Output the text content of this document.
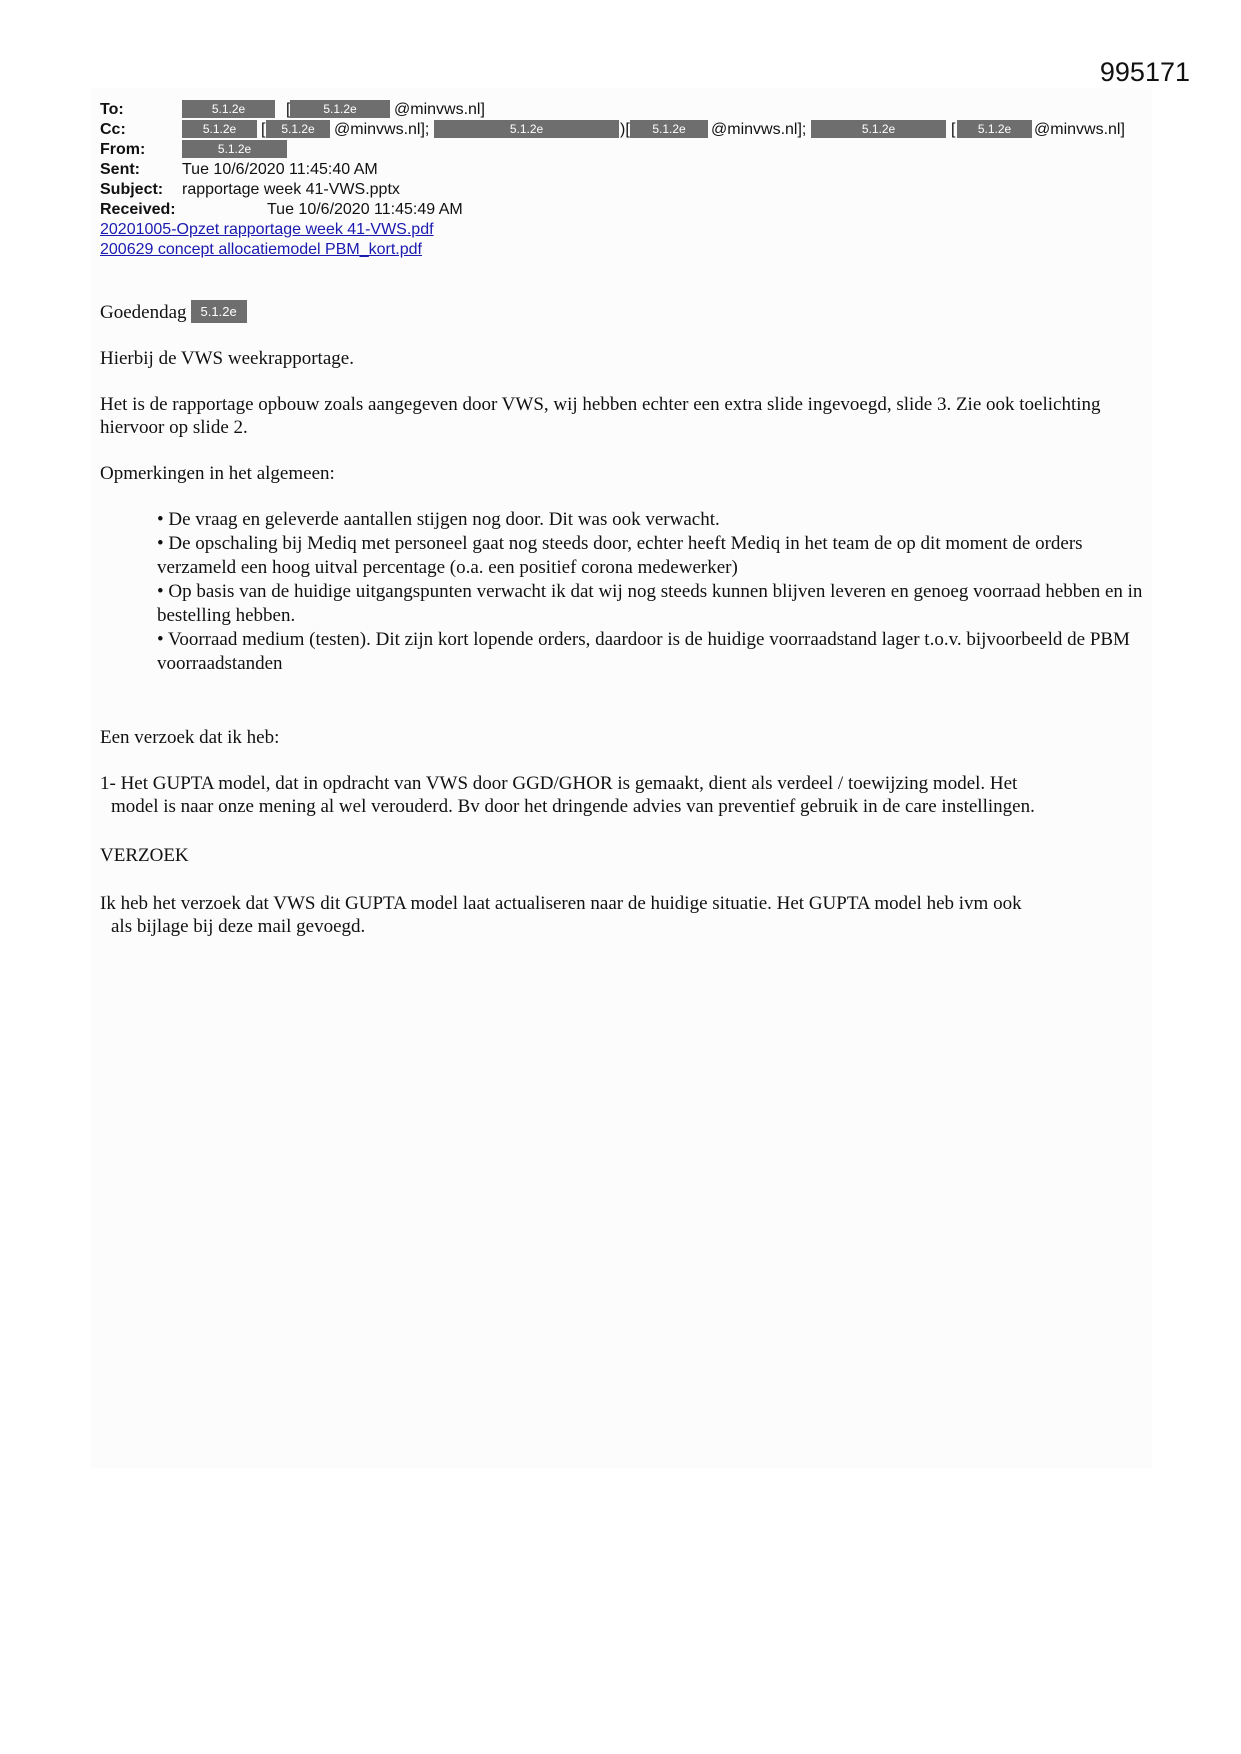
995171
To:	5.1.2e	[	5.1.2e	@minvws.nl]
Cc:	5.1.2e	[	5.1.2e	@minvws.nl];	5.1.2e	)[	5.1.2e	@minvws.nl];	5.1.2e	[	5.1.2e	@minvws.nl]
From:	5.1.2e
Sent:	Tue 10/6/2020 11:45:40 AM
Subject: rapportage week 41-VWS.pptx
Received:	Tue 10/6/2020 11:45:49 AM
20201005-Opzet rapportage week 41-VWS.pdf
200629 concept allocatiemodel PBM_kort.pdf
Goedendag 5.1.2e
Hierbij de VWS weekrapportage.
Het is de rapportage opbouw zoals aangegeven door VWS, wij hebben echter een extra slide ingevoegd, slide 3. Zie ook toelichting hiervoor op slide 2.
Opmerkingen in het algemeen:

• De vraag en geleverde aantallen stijgen nog door. Dit was ook verwacht.

• De opschaling bij Mediq met personeel gaat nog steeds door, echter heeft Mediq in het team de op dit moment de orders verzameld een hoog uitval percentage (o.a. een positief corona medewerker)

• Op basis van de huidige uitgangspunten verwacht ik dat wij nog steeds kunnen blijven leveren en genoeg voorraad hebben en in bestelling hebben.

• Voorraad medium (testen). Dit zijn kort lopende orders, daardoor is de huidige voorraadstand lager t.o.v. bijvoorbeeld de PBM voorraadstanden

Een verzoek dat ik heb:

1- Het GUPTA model, dat in opdracht van VWS door GGD/GHOR is gemaakt, dient als verdeel / toewijzing model. Het

model is naar onze mening al wel verouderd. Bv door het dringende advies van preventief gebruik in de care instellingen.

VERZOEK

Ik heb het verzoek dat VWS dit GUPTA model laat actualiseren naar de huidige situatie. Het GUPTA model heb ivm ook

als bijlage bij deze mail gevoegd.
